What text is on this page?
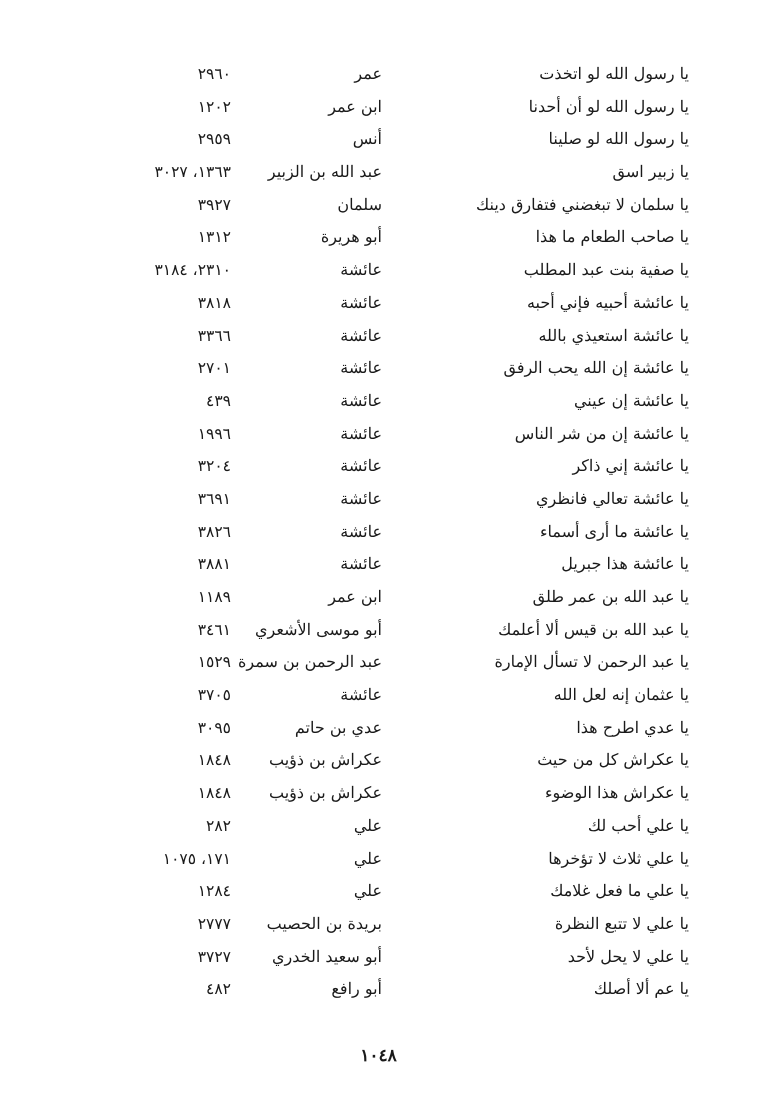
يا رسول الله لو اتخذت
عمر
٢٩٦٠
يا رسول الله لو أن أحدنا
ابن عمر
١٢٠٢
يا رسول الله لو صلينا
أنس
٢٩٥٩
يا زبير اسق
عبد الله بن الزبير
١٣٦٣، ٣٠٢٧
يا سلمان لا تبغضني فتفارق دينك
سلمان
٣٩٢٧
يا صاحب الطعام ما هذا
أبو هريرة
١٣١٢
يا صفية بنت عبد المطلب
عائشة
٢٣١٠، ٣١٨٤
يا عائشة أحبيه فإني أحبه
عائشة
٣٨١٨
يا عائشة استعيذي بالله
عائشة
٣٣٦٦
يا عائشة إن الله يحب الرفق
عائشة
٢٧٠١
يا عائشة إن عيني
عائشة
٤٣٩
يا عائشة إن من شر الناس
عائشة
١٩٩٦
يا عائشة إني ذاكر
عائشة
٣٢٠٤
يا عائشة تعالي فانظري
عائشة
٣٦٩١
يا عائشة ما أرى أسماء
عائشة
٣٨٢٦
يا عائشة هذا جبريل
عائشة
٣٨٨١
يا عبد الله بن عمر طلق
ابن عمر
١١٨٩
يا عبد الله بن قيس ألا أعلمك
أبو موسى الأشعري
٣٤٦١
يا عبد الرحمن لا تسأل الإمارة
عبد الرحمن بن سمرة
١٥٢٩
يا عثمان إنه لعل الله
عائشة
٣٧٠٥
يا عدي اطرح هذا
عدي بن حاتم
٣٠٩٥
يا عكراش كل من حيث
عكراش بن ذؤيب
١٨٤٨
يا عكراش هذا الوضوء
عكراش بن ذؤيب
١٨٤٨
يا علي أحب لك
علي
٢٨٢
يا علي ثلاث لا تؤخرها
علي
١٧١، ١٠٧٥
يا علي ما فعل غلامك
علي
١٢٨٤
يا علي لا تتبع النظرة
بريدة بن الحصيب
٢٧٧٧
يا علي لا يحل لأحد
أبو سعيد الخدري
٣٧٢٧
يا عم ألا أصلك
أبو رافع
٤٨٢
١٠٤٨
